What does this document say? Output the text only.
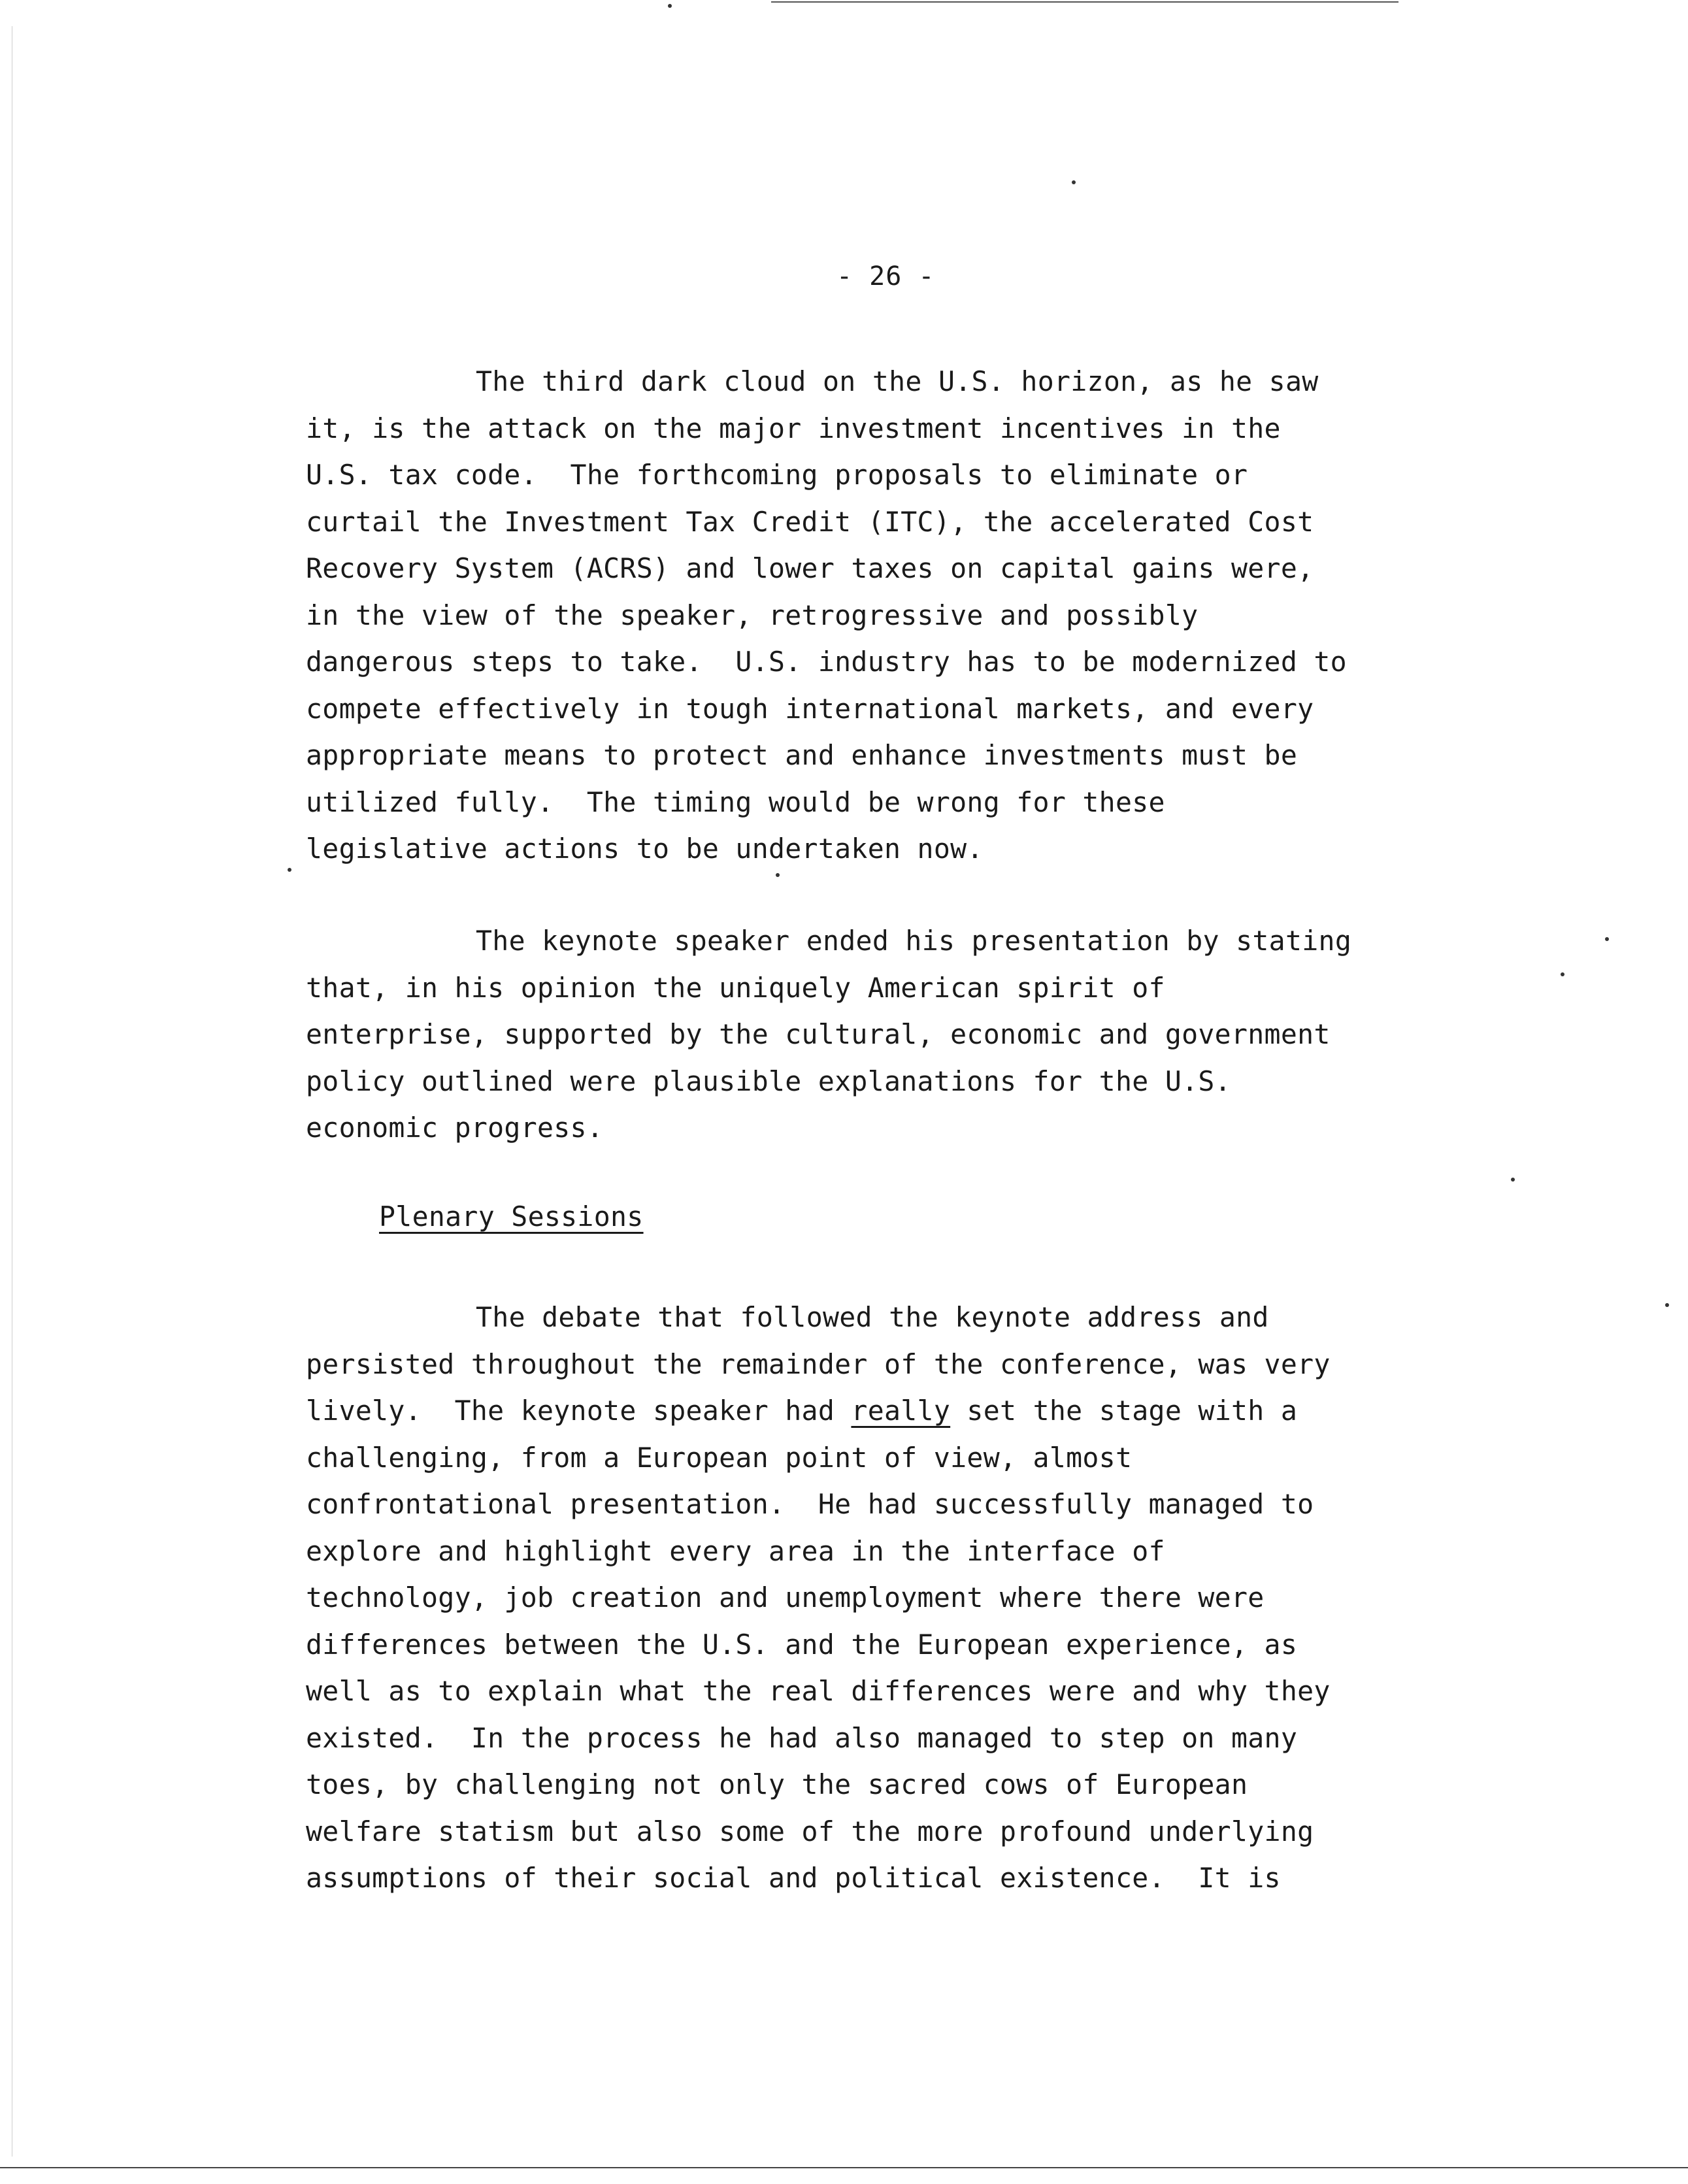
- 26 -
The third dark cloud on the U.S. horizon, as he saw
it, is the attack on the major investment incentives in the
U.S. tax code.  The forthcoming proposals to eliminate or
curtail the Investment Tax Credit (ITC), the accelerated Cost
Recovery System (ACRS) and lower taxes on capital gains were,
in the view of the speaker, retrogressive and possibly
dangerous steps to take.  U.S. industry has to be modernized to
compete effectively in tough international markets, and every
appropriate means to protect and enhance investments must be
utilized fully.  The timing would be wrong for these
legislative actions to be undertaken now.
The keynote speaker ended his presentation by stating
that, in his opinion the uniquely American spirit of
enterprise, supported by the cultural, economic and government
policy outlined were plausible explanations for the U.S.
economic progress.
Plenary Sessions
The debate that followed the keynote address and
persisted throughout the remainder of the conference, was very
lively.  The keynote speaker had really set the stage with a
challenging, from a European point of view, almost
confrontational presentation.  He had successfully managed to
explore and highlight every area in the interface of
technology, job creation and unemployment where there were
differences between the U.S. and the European experience, as
well as to explain what the real differences were and why they
existed.  In the process he had also managed to step on many
toes, by challenging not only the sacred cows of European
welfare statism but also some of the more profound underlying
assumptions of their social and political existence.  It is
